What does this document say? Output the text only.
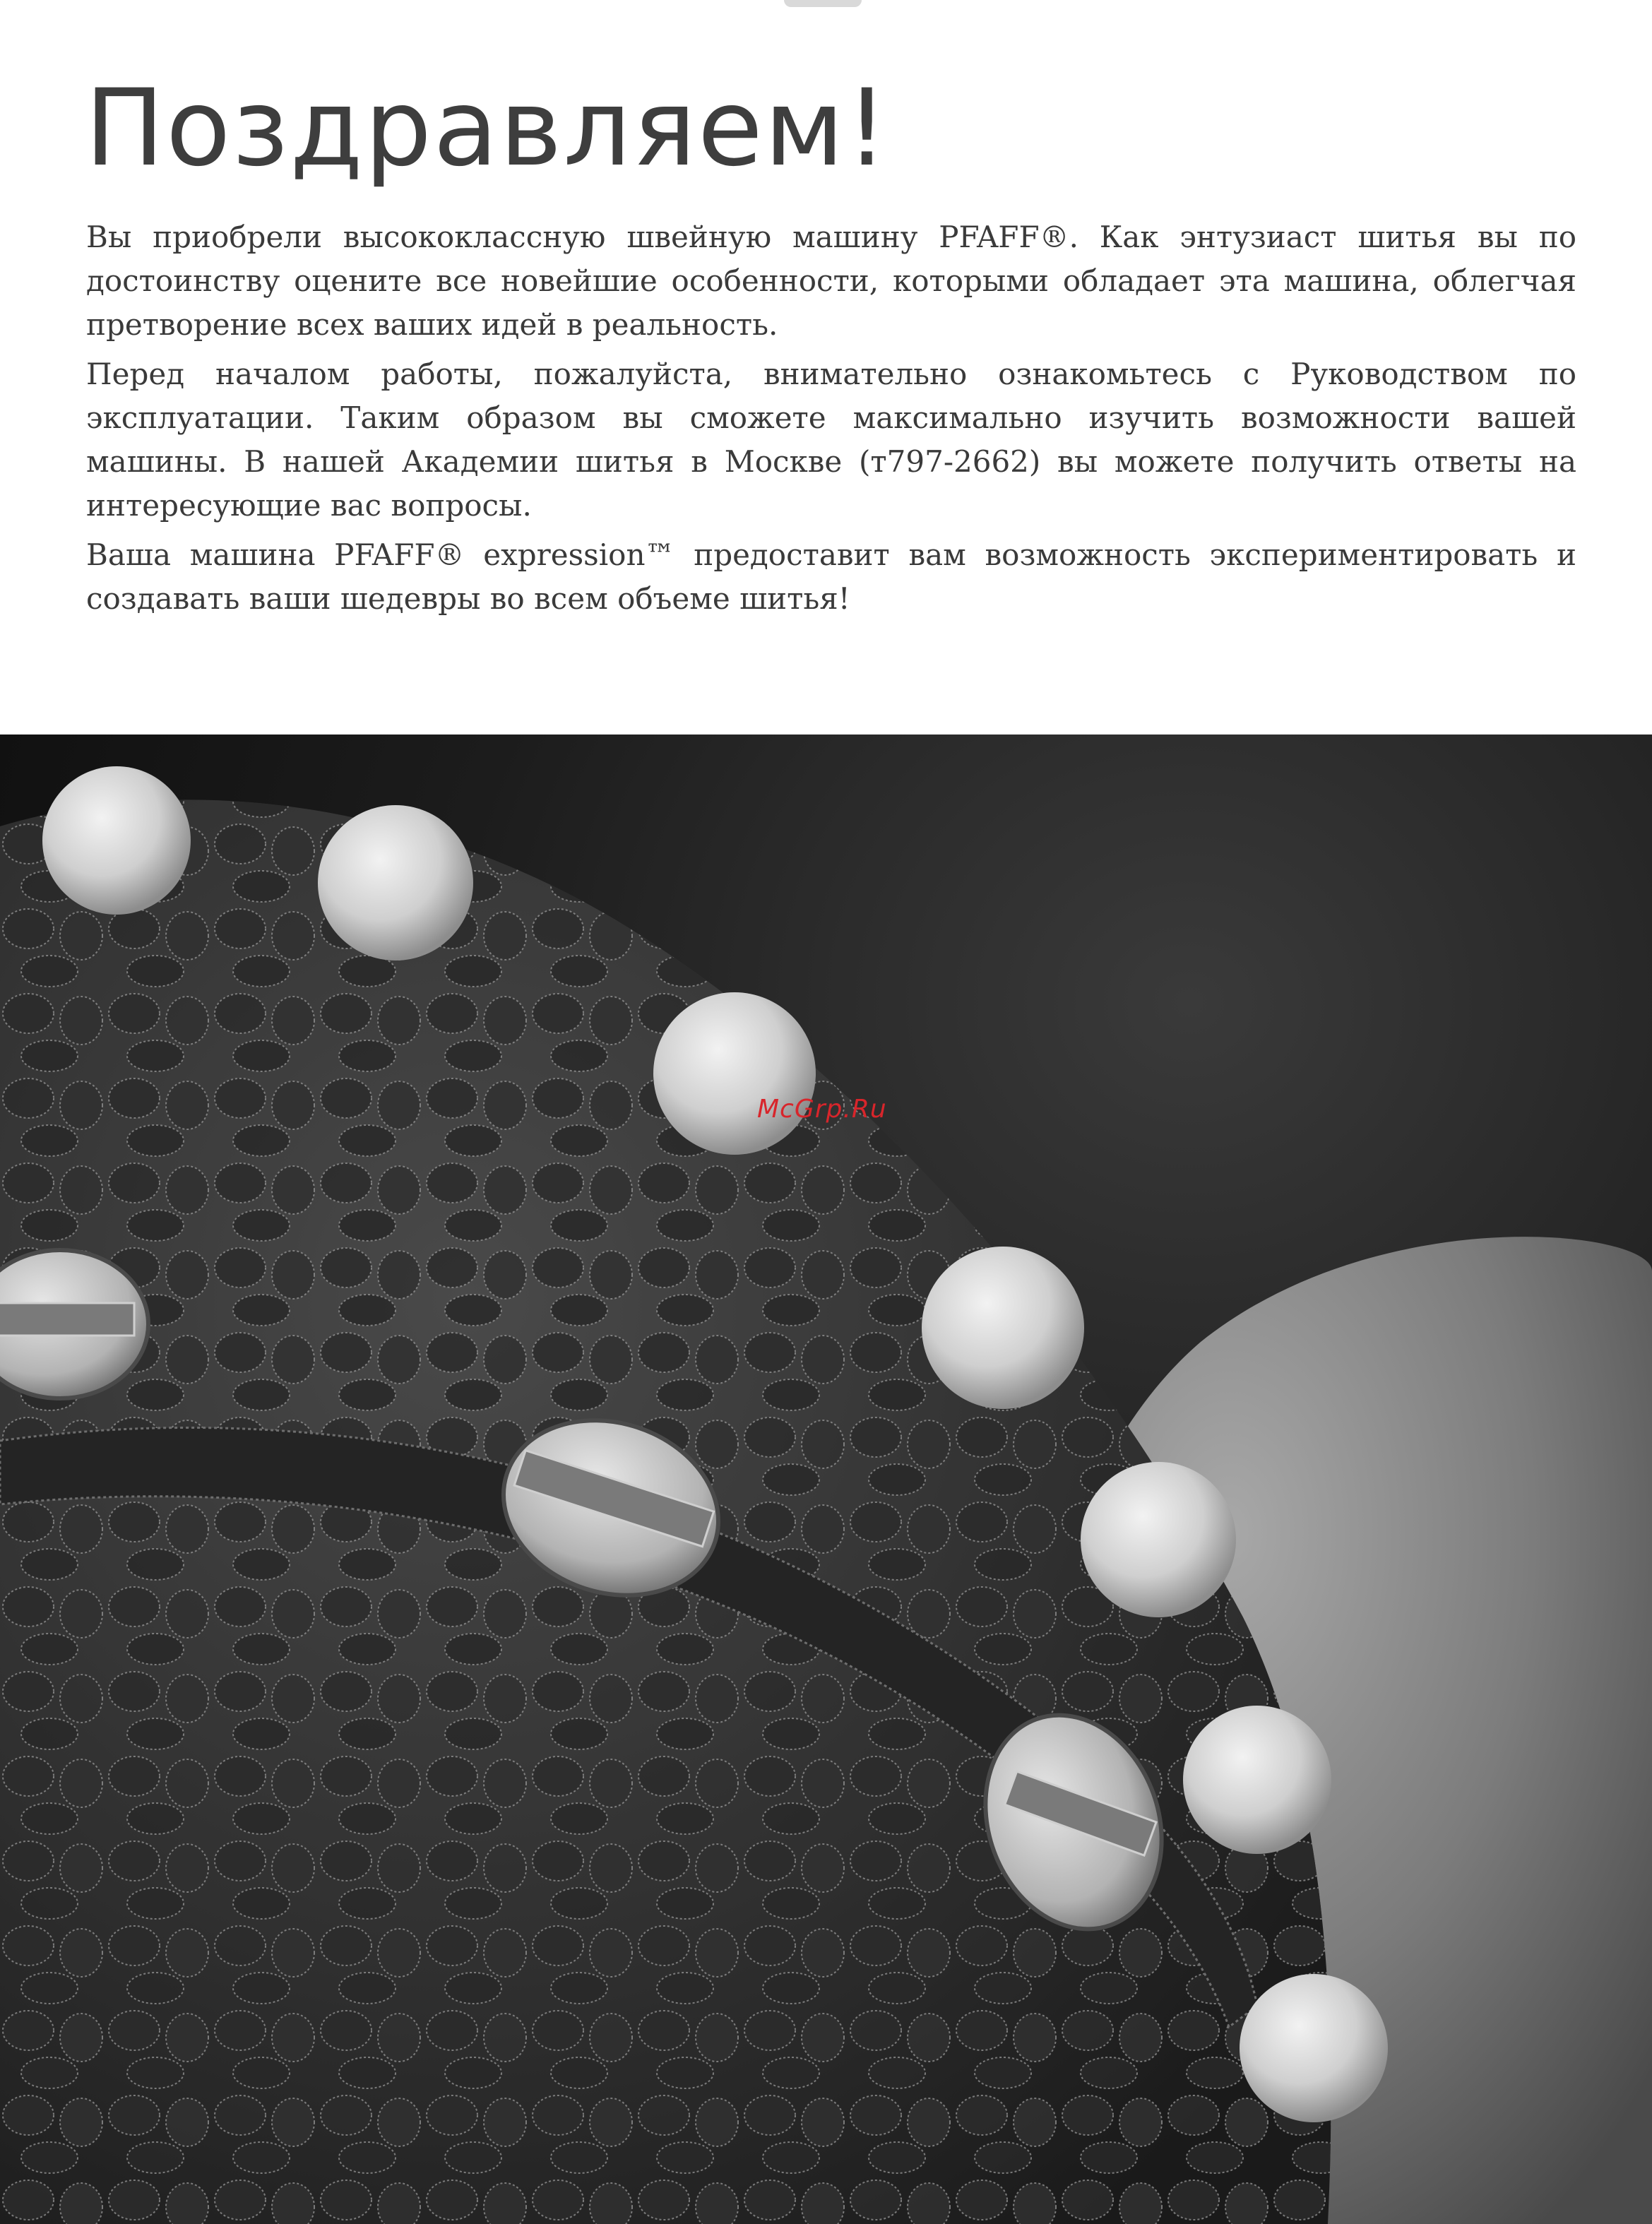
Поздравляем!

Вы приобрели высококлассную швейную машину PFAFF®. Как энтузиаст шитья вы по достоинству оцените все новейшие особенности, которыми обладает эта машина, облегчая претворение всех ваших идей в реальность.

Перед началом работы, пожалуйста, внимательно ознакомьтесь с Руководством по эксплуатации. Таким образом вы сможете максимально изучить возможности вашей машины. В нашей Академии шитья в Москве (т797-2662) вы можете получить ответы на интересующие вас вопросы.

Ваша машина PFAFF® expression™ предоставит вам возможность экспериментировать и создавать ваши шедевры во всем объеме шитья!

McGrp.Ru
